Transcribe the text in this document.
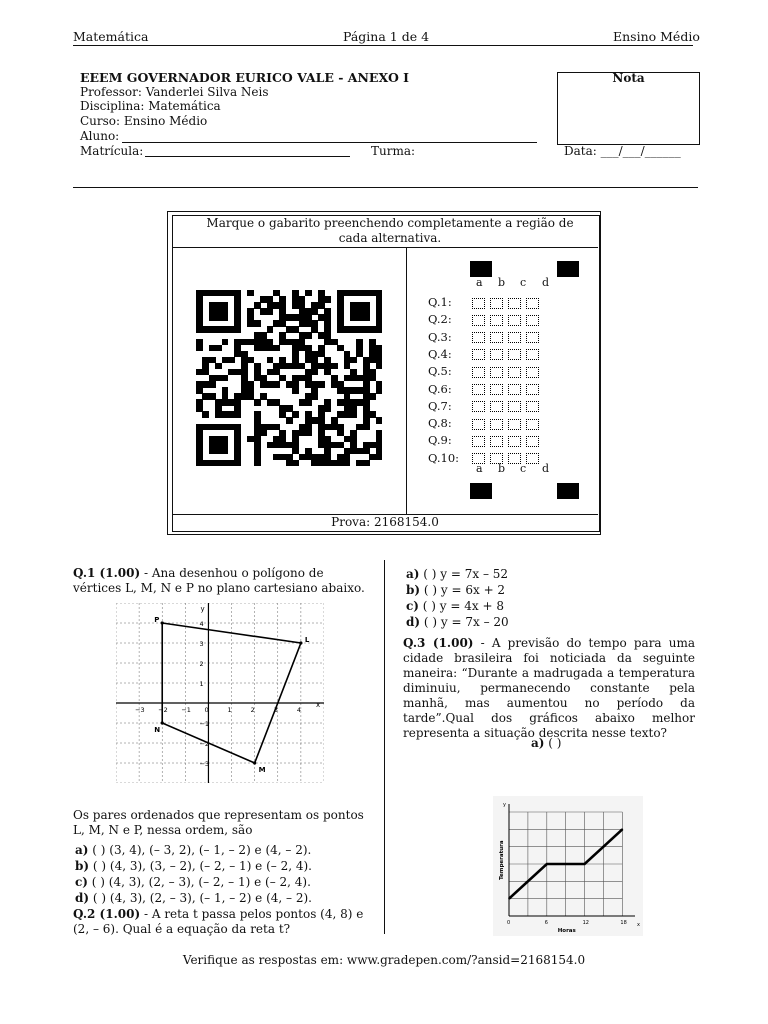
Matemática	Página 1 de 4	Ensino Médio
EEEM GOVERNADOR EURICO VALE - ANEXO I
Professor: Vanderlei Silva Neis
Disciplina: Matemática
Curso: Ensino Médio
Aluno:
Matrícula:	Turma:	Data: ___/___/______
Nota
Marque o gabarito preenchendo completamente a região de cada alternativa.
Prova: 2168154.0
a b c d
a b c d
Q.1:
Q.2:
Q.3:
Q.4:
Q.5:
Q.6:
Q.7:
Q.8:
Q.9:
Q.10:
Q.1 (1.00) - Ana desenhou o polígono de vértices L, M, N e P no plano cartesiano abaixo.
x
y
−3 −2 −1 0	1	2	3	4
4
3
2
1
−1
−2
−3
P
L
M
N
Os pares ordenados que representam os pontos L, M, N e P, nessa ordem, são
a) ( ) (3, 4), (– 3, 2), (– 1, – 2) e (4, – 2).
b) ( ) (4, 3), (3, – 2), (– 2, – 1) e (– 2, 4).
c) ( ) (4, 3), (2, – 3), (– 2, – 1) e (– 2, 4).
d) ( ) (4, 3), (2, – 3), (– 1, – 2) e (4, – 2).
Q.2 (1.00) - A reta t passa pelos pontos (4, 8) e (2, – 6). Qual é a equação da reta t?
a) ( ) y = 7x – 52
b) ( ) y = 6x + 2
c) ( ) y = 4x + 8
d) ( ) y = 7x – 20
Q.3 (1.00) - A previsão do tempo para uma cidade brasileira foi noticiada da seguinte maneira: “Durante a madrugada a temperatura diminuiu, permanecendo constante pela manhã, mas aumentou no período da tarde”.Qual dos gráficos abaixo melhor representa a situação descrita nesse texto?
a) ( )
y
x
0	6	12	18
Horas
Temperatura
Verifique as respostas em: www.gradepen.com/?ansid=2168154.0
